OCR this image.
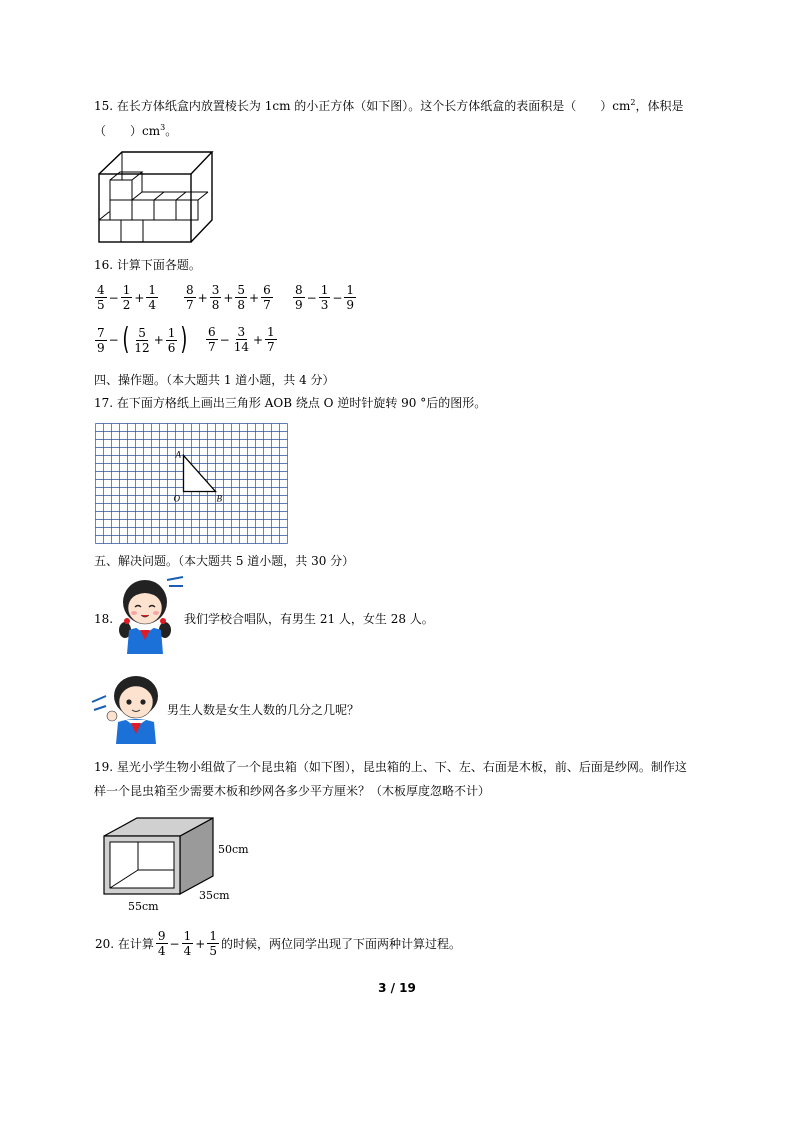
15. 在长方体纸盒内放置棱长为 1cm 的小正方体（如下图）。这个长方体纸盒的表面积是（　　）$cm^2$，体积是
（　　）$cm^3$。
16. 计算下面各题。
$\frac{4}{5} - \frac{1}{2} + \frac{1}{4} \frac{8}{7} + \frac{3}{8} + \frac{5}{8} + \frac{6}{7} \frac{8}{9} - \frac{1}{3} - \frac{1}{9}$
$\frac{7}{9}$ − ( $\frac{5}{12} + \frac{1}{6}$ ) $\frac{6}{7} - \frac{3}{14} + \frac{1}{7}$
四、操作题。（本大题共 1 道小题，共 4 分）
17. 在下面方格纸上画出三角形 AOB 绕点 O 逆时针旋转 90 °后的图形。
A
O	B
五、解决问题。（本大题共 5 道小题，共 30 分）
18.	我们学校合唱队，有男生 21 人，女生 28 人。
男生人数是女生人数的几分之几呢？
19. 星光小学生物小组做了一个昆虫箱（如下图），昆虫箱的上、下、左、右面是木板，前、后面是纱网。制作这
样一个昆虫箱至少需要木板和纱网各多少平方厘米？（木板厚度忽略不计）
50cm
35cm
55cm
20. 在计算 $\frac{9}{4} - \frac{1}{4} + \frac{1}{5}$ 的时候，两位同学出现了下面两种计算过程。
3 / 19
